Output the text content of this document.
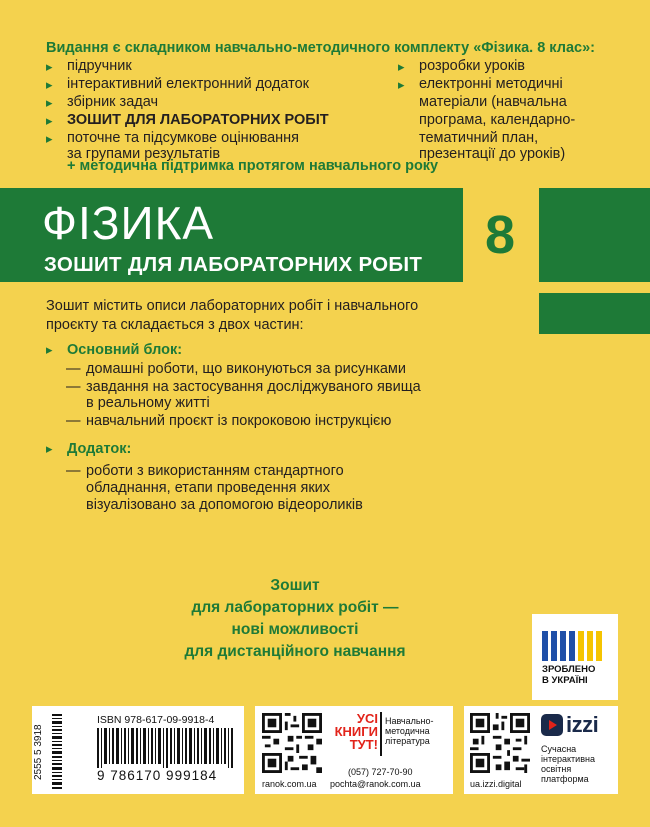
Видання є складником навчально-методичного комплекту «Фізика. 8 клас»:
▸ підручник
▸ інтерактивний електронний додаток
▸ збірник задач
▸ ЗОШИТ ДЛЯ ЛАБОРАТОРНИХ РОБІТ
▸ поточне та підсумкове оцінювання
за групами результатів
▸ розробки уроків
▸ електронні методичні
матеріали (навчальна
програма, календарно-
тематичний план,
презентації до уроків)
+ методична підтримка протягом навчального року
ФІЗИКА
ЗОШИТ ДЛЯ ЛАБОРАТОРНИХ РОБІТ 8
Зошит містить описи лабораторних робіт і навчального
проєкту та складається з двох частин:
▸ Основний блок:
— домашні роботи, що виконуються за рисунками
— завдання на застосування досліджуваного явища
в реальному житті
— навчальний проєкт із покроковою інструкцією
▸ Додаток:
— роботи з використанням стандартного
обладнання, етапи проведення яких
візуалізовано за допомогою відеороликів
Зошит
для лабораторних робіт —
нові можливості
для дистанційного навчання
ЗРОБЛЕНО
В УКРАЇНІ
2555 5 3918
ISBN 978-617-09-9918-4
9 786170 999184
ranok.com.ua
УСІ
КНИГИ
ТУТ!
Навчально-
методична
література
(057) 727-70-90
pochta@ranok.com.ua	ua.izzi.digital
izzi
Сучасна
інтерактивна
освітня
платформа
